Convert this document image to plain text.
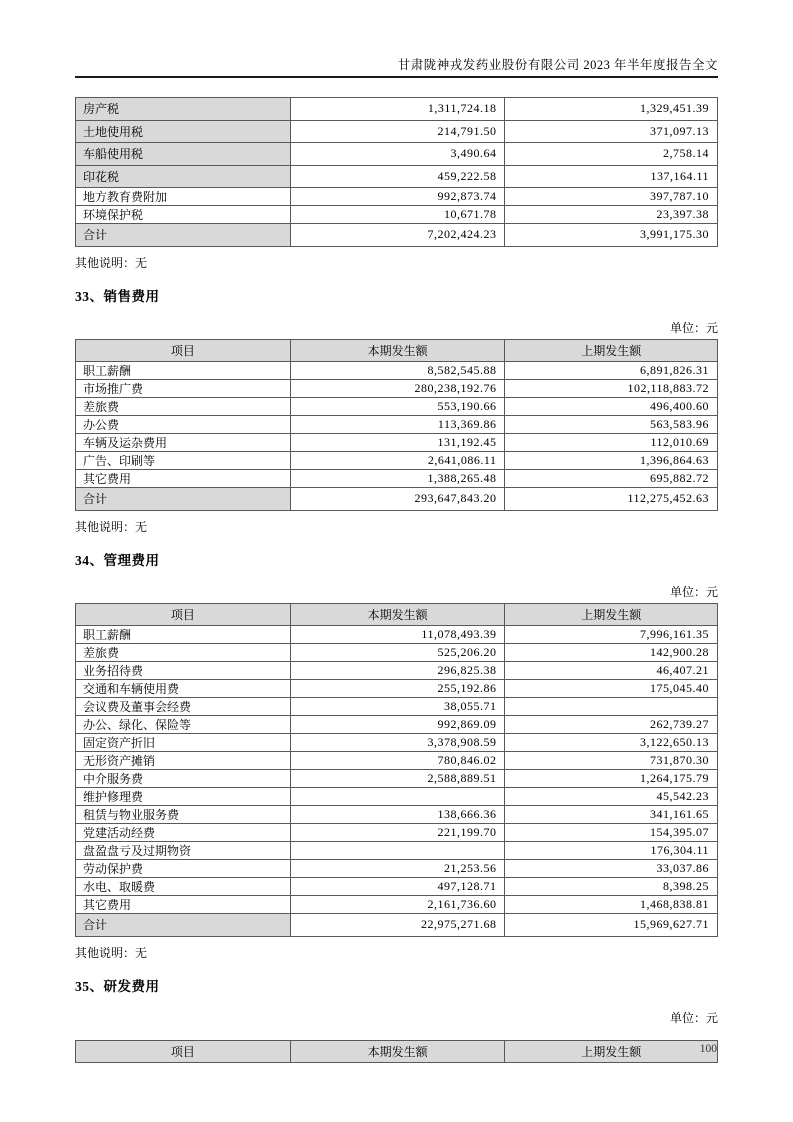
甘肃陇神戎发药业股份有限公司 2023 年半年度报告全文
房产税	1,311,724.18	1,329,451.39
土地使用税	214,791.50	371,097.13
车船使用税	3,490.64	2,758.14
印花税	459,222.58	137,164.11
地方教育费附加	992,873.74	397,787.10
环境保护税	10,671.78	23,397.38
合计	7,202,424.23	3,991,175.30
其他说明：无
33、销售费用
单位：元
项目	本期发生额	上期发生额
职工薪酬	8,582,545.88	6,891,826.31
市场推广费	280,238,192.76	102,118,883.72
差旅费	553,190.66	496,400.60
办公费	113,369.86	563,583.96
车辆及运杂费用	131,192.45	112,010.69
广告、印刷等	2,641,086.11	1,396,864.63
其它费用	1,388,265.48	695,882.72
合计	293,647,843.20	112,275,452.63
其他说明：无
34、管理费用
单位：元
项目	本期发生额	上期发生额
职工薪酬	11,078,493.39	7,996,161.35
差旅费	525,206.20	142,900.28
业务招待费	296,825.38	46,407.21
交通和车辆使用费	255,192.86	175,045.40
会议费及董事会经费	38,055.71	
办公、绿化、保险等	992,869.09	262,739.27
固定资产折旧	3,378,908.59	3,122,650.13
无形资产摊销	780,846.02	731,870.30
中介服务费	2,588,889.51	1,264,175.79
维护修理费		45,542.23
租赁与物业服务费	138,666.36	341,161.65
党建活动经费	221,199.70	154,395.07
盘盈盘亏及过期物资		176,304.11
劳动保护费	21,253.56	33,037.86
水电、取暖费	497,128.71	8,398.25
其它费用	2,161,736.60	1,468,838.81
合计	22,975,271.68	15,969,627.71
其他说明：无
35、研发费用
单位：元
项目	本期发生额	上期发生额	100
